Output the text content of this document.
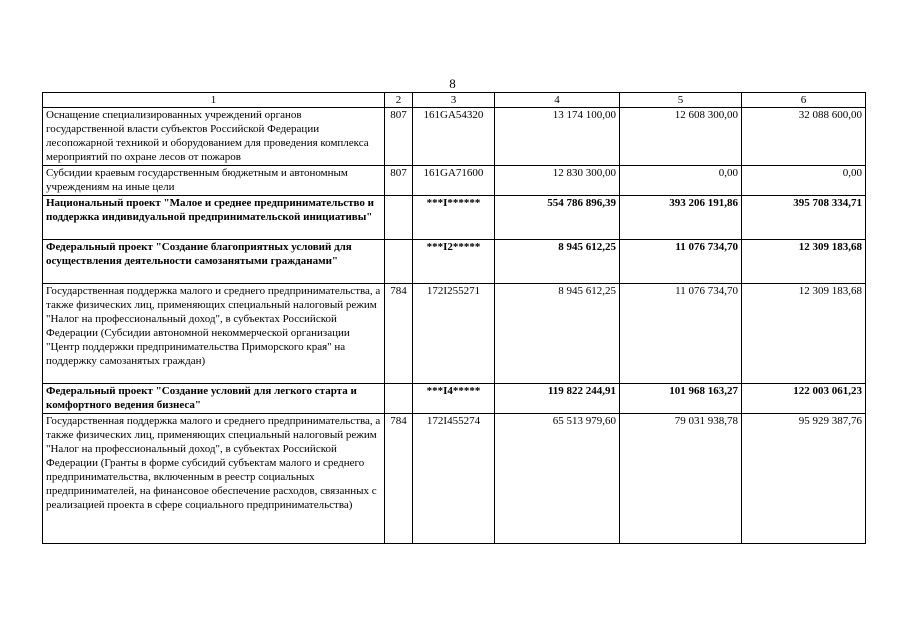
8
1	2	3	4	5	6
Оснащение специализированных учреждений органов государственной власти субъектов Российской Федерации лесопожарной техникой и оборудованием для проведения комплекса мероприятий по охране лесов от пожаров	807	161GA54320	13 174 100,00	12 608 300,00	32 088 600,00
Субсидии краевым государственным бюджетным и автономным учреждениям на иные цели	807	161GA71600	12 830 300,00	0,00	0,00
Национальный проект "Малое и среднее предпринимательство и поддержка индивидуальной предпринимательской инициативы"		***I******	554 786 896,39	393 206 191,86	395 708 334,71
Федеральный проект "Создание благоприятных условий для осуществления деятельности самозанятыми гражданами"		***I2*****	8 945 612,25	11 076 734,70	12 309 183,68
Государственная поддержка малого и среднего предпринимательства, а также физических лиц, применяющих специальный налоговый режим "Налог на профессиональный доход", в субъектах Российской Федерации (Субсидии автономной некоммерческой организации "Центр поддержки предпринимательства Приморского края" на поддержку самозанятых граждан)	784	172I255271	8 945 612,25	11 076 734,70	12 309 183,68
Федеральный проект "Создание условий для легкого старта и комфортного ведения бизнеса"		***I4*****	119 822 244,91	101 968 163,27	122 003 061,23
Государственная поддержка малого и среднего предпринимательства, а также физических лиц, применяющих специальный налоговый режим "Налог на профессиональный доход", в субъектах Российской Федерации (Гранты в форме субсидий субъектам малого и среднего предпринимательства, включенным в реестр социальных предпринимателей, на финансовое обеспечение расходов, связанных с реализацией проекта в сфере социального предпринимательства)	784	172I455274	65 513 979,60	79 031 938,78	95 929 387,76
